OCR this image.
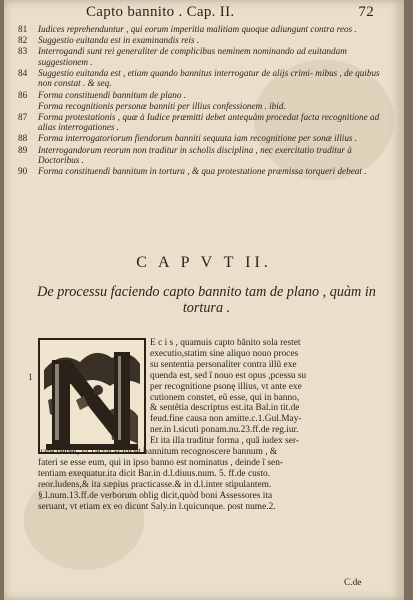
Capto bannito . Cap. II.	72
81 Iudices reprehenduntur , qui eorum imperitia malitiam quoque adiungunt contra reos .
82 Suggestio euitanda est in examinandis reis .
83 Interrogandi sunt rei generaliter de complicibus neminem nominando ad euitandam suggestionem .
84 Suggestio euitanda est , etiam quando bannitus interrogatur de alijs crimi- mibus , de quibus non constat . & seq.
86 Forma constituendi bannitum de plano .
Forma recognitionis personæ banniti per illius confessionem . ibid.
87 Forma protestationis , quæ à Iudice præmitti debet antequàm procedat facta recognitione ad alias interrogationes .
88 Forma interrogatoriorum fiendorum banniti sequuta iam recognitione per sonæ illius .
89 Interrogandorum reorum non traditur in scholis disciplina , nec exercitatio traditur à Doctoribus .
90 Forma constituendi bannitum in tortura , & qua protestatione præmissa torqueri debeat .
C A P V T II.
De processu faciendo capto bannito tam de plano , quàm in tortura .
1
E c i s , quamuis capto bãnito sola restet
executio,statim sine aliquo nouo proces
su sententia personaliter contra illũ exe
quenda est, sed ĩ nouo est opus ,pcessu su
per recognitione psonę illius, vt ante exe
cutionem constet, eũ esse, qui in banno,
& sentẽtia descriptus est.ita Bal.in tit.de
feud.fine causa non amitte.c.1.Gul.May-
ner.in l.sicuti ponam.nu.23.ff.de reg.iur.
Et ita illa traditur forma , quã iudex ser-
uare debet, vt faciat scilicet bannitum recognoscere bannum , &
fateri se esse eum, qui in ipso banno est nominatus , deinde ĩ sen-
tentiam exequatur.ita dicit Bar.in d.l.diuus.num. 5. ff.de custo.
reor.ludens,& ita sæpius practicasse.& in d.l.inter stipulantem.
§.l.num.13.ff.de verborum oblig dicit,quòd boni Assessores ita
seruant, vt etiam ex eo dicunt Saly.in l.quicunque. post nume.2.
C.de
